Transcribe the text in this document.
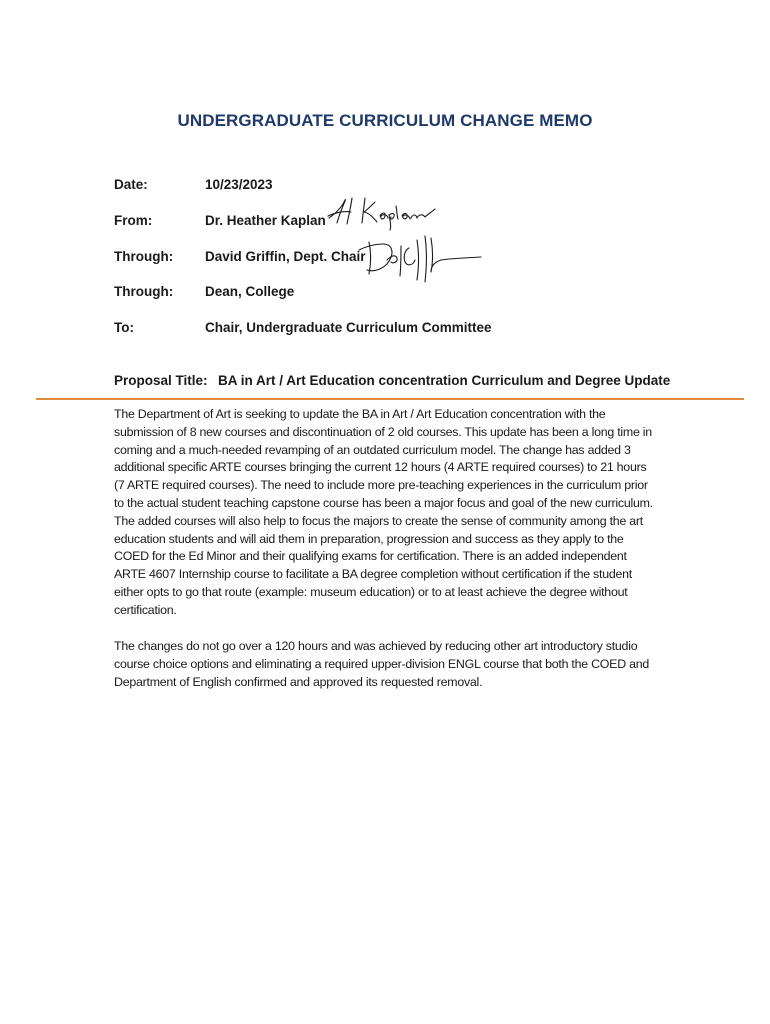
UNDERGRADUATE CURRICULUM CHANGE MEMO
Date:	10/23/2023
From:	Dr. Heather Kaplan
Through:	David Griffin, Dept. Chair
Through:	Dean, College
To:	Chair, Undergraduate Curriculum Committee
Proposal Title: BA in Art / Art Education concentration Curriculum and Degree Update

The Department of Art is seeking to update the BA in Art / Art Education concentration with the submission of 8 new courses and discontinuation of 2 old courses. This update has been a long time in coming and a much-needed revamping of an outdated curriculum model. The change has added 3 additional specific ARTE courses bringing the current 12 hours (4 ARTE required courses) to 21 hours (7 ARTE required courses). The need to include more pre-teaching experiences in the curriculum prior to the actual student teaching capstone course has been a major focus and goal of the new curriculum. The added courses will also help to focus the majors to create the sense of community among the art education students and will aid them in preparation, progression and success as they apply to the COED for the Ed Minor and their qualifying exams for certification. There is an added independent ARTE 4607 Internship course to facilitate a BA degree completion without certification if the student either opts to go that route (example: museum education) or to at least achieve the degree without certification.

The changes do not go over a 120 hours and was achieved by reducing other art introductory studio course choice options and eliminating a required upper-division ENGL course that both the COED and Department of English confirmed and approved its requested removal.
